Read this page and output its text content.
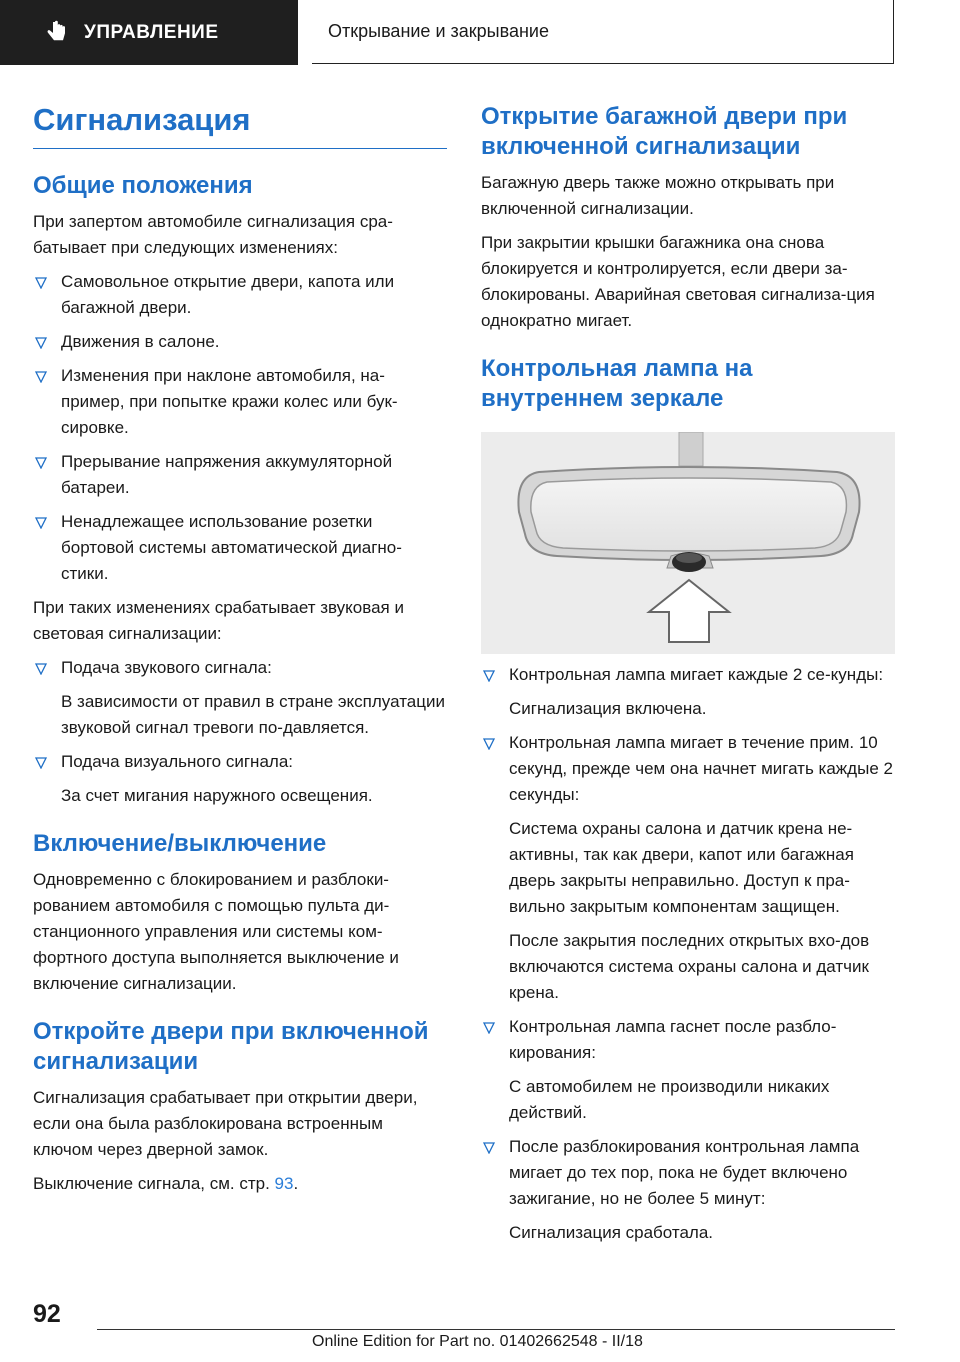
УПРАВЛЕНИЕ	Открывание и закрывание
Сигнализация
Общие положения

При запертом автомобиле сигнализация сра-батывает при следующих изменениях:

Самовольное открытие двери, капота или багажной двери.
Движения в салоне.
Изменения при наклоне автомобиля, на-пример, при попытке кражи колес или бук-сировке.
Прерывание напряжения аккумуляторной батареи.
Ненадлежащее использование розетки бортовой системы автоматической диагно-стики.

При таких изменениях срабатывает звуковая и световая сигнализации:

Подача звукового сигнала:
В зависимости от правил в стране эксплуатации звуковой сигнал тревоги по-давляется.
Подача визуального сигнала:
За счет мигания наружного освещения.
Включение/выключение

Одновременно с блокированием и разблоки-рованием автомобиля с помощью пульта ди-станционного управления или системы ком-фортного доступа выполняется выключение и включение сигнализации.

Откройте двери при включенной сигнализации

Сигнализация срабатывает при открытии двери, если она была разблокирована встроенным ключом через дверной замок.

Выключение сигнала, см. стр. 93.

Открытие багажной двери при включенной сигнализации

Багажную дверь также можно открывать при включенной сигнализации.

При закрытии крышки багажника она снова блокируется и контролируется, если двери за-блокированы. Аварийная световая сигнализа-ция однократно мигает.

Контрольная лампа на внутреннем зеркале
Контрольная лампа мигает каждые 2 се-кунды:
Сигнализация включена.
Контрольная лампа мигает в течение прим. 10 секунд, прежде чем она начнет мигать каждые 2 секунды:
Система охраны салона и датчик крена не-активны, так как двери, капот или багажная дверь закрыты неправильно. Доступ к пра-вильно закрытым компонентам защищен.
После закрытия последних открытых вхо-дов включаются система охраны салона и датчик крена.
Контрольная лампа гаснет после разбло-кирования:
С автомобилем не производили никаких действий.
После разблокирования контрольная лампа мигает до тех пор, пока не будет включено зажигание, но не более 5 минут:
Сигнализация сработала.
92
Online Edition for Part no. 01402662548 - II/18
